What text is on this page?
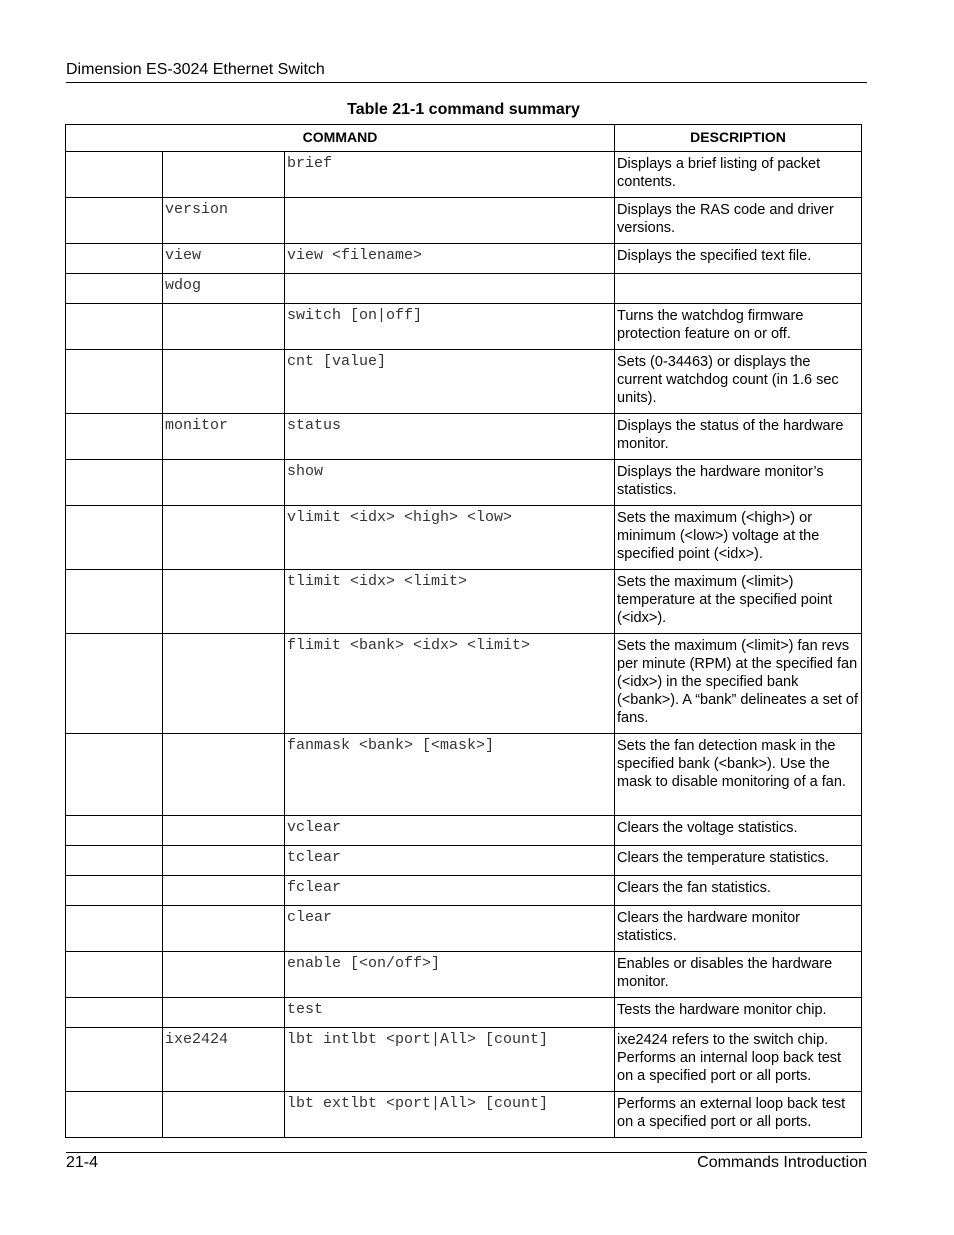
Dimension ES-3024 Ethernet Switch
Table 21-1 command summary
COMMAND			DESCRIPTION
		brief	Displays a brief listing of packet contents.
	version		Displays the RAS code and driver versions.
	view	view <filename>	Displays the specified text file.
	wdog		
		switch [on|off]	Turns the watchdog firmware protection feature on or off.
		cnt [value]	Sets (0-34463) or displays the current watchdog count (in 1.6 sec units).
	monitor	status	Displays the status of the hardware monitor.
		show	Displays the hardware monitor’s statistics.
		vlimit <idx> <high> <low>	Sets the maximum (<high>) or minimum (<low>) voltage at the specified point (<idx>).
		tlimit <idx> <limit>	Sets the maximum (<limit>) temperature at the specified point (<idx>).
		flimit <bank> <idx> <limit>	Sets the maximum (<limit>) fan revs per minute (RPM) at the specified fan (<idx>) in the specified bank (<bank>). A “bank” delineates a set of fans.
		fanmask <bank> [<mask>]	Sets the fan detection mask in the specified bank (<bank>). Use the mask to disable monitoring of a fan.
		vclear	Clears the voltage statistics.
		tclear	Clears the temperature statistics.
		fclear	Clears the fan statistics.
		clear	Clears the hardware monitor statistics.
		enable [<on/off>]	Enables or disables the hardware monitor.
		test	Tests the hardware monitor chip.
	ixe2424	lbt intlbt <port|All> [count]	ixe2424 refers to the switch chip. Performs an internal loop back test on a specified port or all ports.
		lbt extlbt <port|All> [count]	Performs an external loop back test on a specified port or all ports.
21-4	Commands Introduction
